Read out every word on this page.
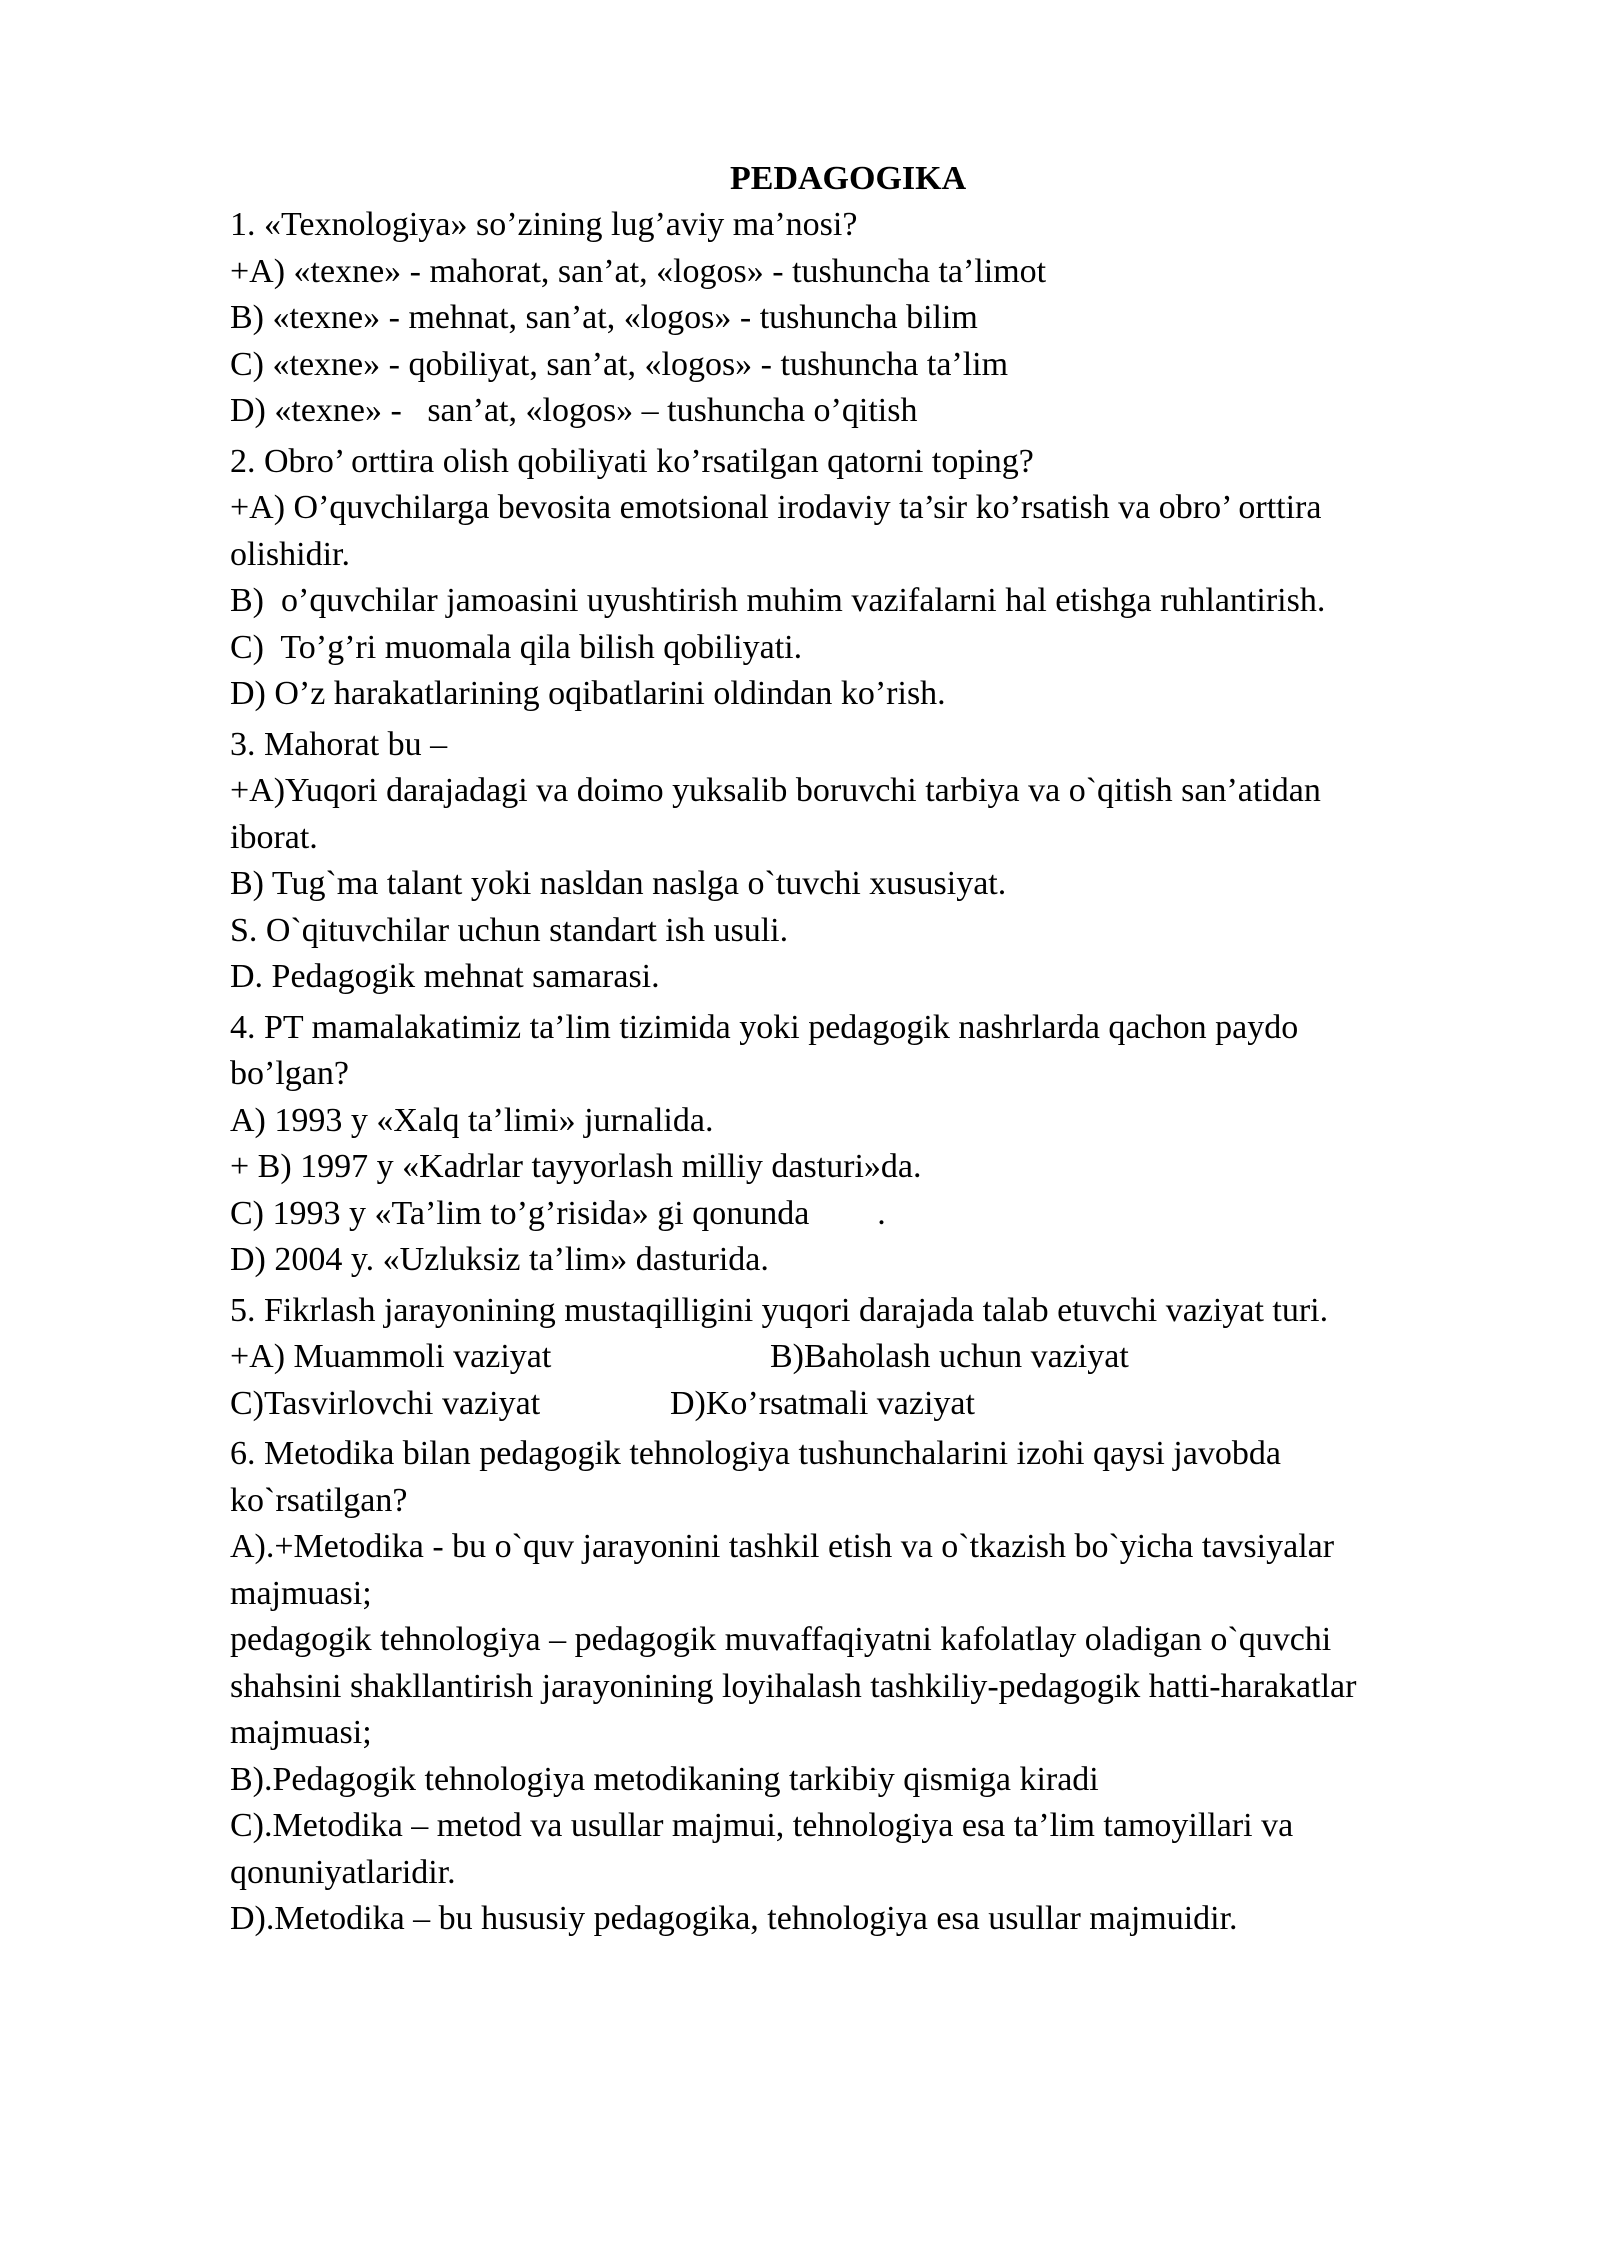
PEDAGOGIKA

1. «Texnologiya» so’zining lug’aviy ma’nosi?

+A) «texne» - mahorat, san’at, «logos» - tushuncha ta’limot

B) «texne» - mehnat, san’at, «logos» - tushuncha bilim

C) «texne» - qobiliyat, san’at, «logos» - tushuncha ta’lim

D) «texne» -   san’at, «logos» – tushuncha o’qitish

2. Obro’ orttira olish qobiliyati ko’rsatilgan qatorni toping?

+A) O’quvchilarga bevosita emotsional irodaviy ta’sir ko’rsatish va obro’ orttira

olishidir.

B)  o’quvchilar jamoasini uyushtirish muhim vazifalarni hal etishga ruhlantirish.

C)  To’g’ri muomala qila bilish qobiliyati.

D) O’z harakatlarining oqibatlarini oldindan ko’rish.

3. Mahorat bu –

+A)Yuqori darajadagi va doimo yuksalib boruvchi tarbiya va o`qitish san’atidan

iborat.

B) Tug`ma talant yoki nasldan naslga o`tuvchi xususiyat.

S. O`qituvchilar uchun standart ish usuli.

D. Pedagogik mehnat samarasi.

4. PT mamalakatimiz ta’lim tizimida yoki pedagogik nashrlarda qachon paydo

bo’lgan?

A) 1993 y «Xalq ta’limi» jurnalida.

+ B) 1997 y «Kadrlar tayyorlash milliy dasturi»da.

C) 1993 y «Ta’lim to’g’risida» gi qonunda        .

D) 2004 y. «Uzluksiz ta’lim» dasturida.

5. Fikrlash jarayonining mustaqilligini yuqori darajada talab etuvchi vaziyat turi.

+A) Muammoli vaziyat	B)Baholash uchun vaziyat
C)Tasvirlovchi vaziyat	D)Ko’rsatmali vaziyat

6. Metodika bilan pedagogik tehnologiya tushunchalarini izohi qaysi javobda

ko`rsatilgan?

A).+Metodika - bu o`quv jarayonini tashkil etish va o`tkazish bo`yicha tavsiyalar

majmuasi;

pedagogik tehnologiya – pedagogik muvaffaqiyatni kafolatlay oladigan o`quvchi

shahsini shakllantirish jarayonining loyihalash tashkiliy-pedagogik hatti-harakatlar

majmuasi;

B).Pedagogik tehnologiya metodikaning tarkibiy qismiga kiradi

C).Metodika – metod va usullar majmui, tehnologiya esa ta’lim tamoyillari va

qonuniyatlaridir.

D).Metodika – bu hususiy pedagogika, tehnologiya esa usullar majmuidir.
